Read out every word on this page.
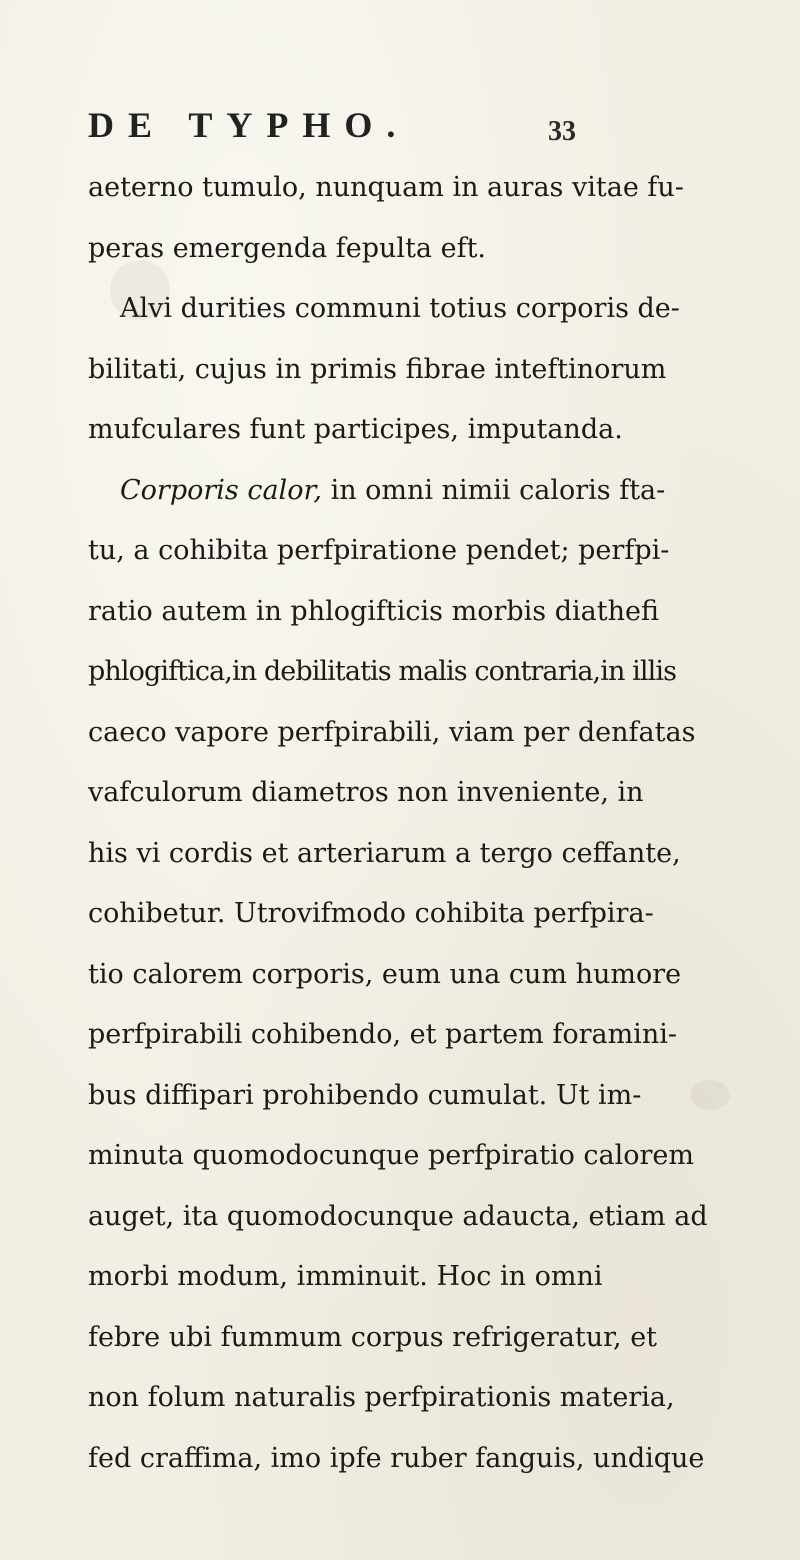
DE TYPHO.	33
aeterno tumulo, nunquam in auras vitae fu-
peras emergenda fepulta eft.
Alvi durities communi totius corporis de-
bilitati, cujus in primis fibrae inteftinorum
mufculares funt participes, imputanda.
Corporis calor, in omni nimii caloris fta-
tu, a cohibita perfpiratione pendet; perfpi-
ratio autem in phlogifticis morbis diathefi
phlogiftica,in debilitatis malis contraria,in illis
caeco vapore perfpirabili, viam per denfatas
vafculorum diametros non inveniente, in
his vi cordis et arteriarum a tergo ceffante,
cohibetur. Utrovifmodo cohibita perfpira-
tio calorem corporis, eum una cum humore
perfpirabili cohibendo, et partem foramini-
bus diffipari prohibendo cumulat. Ut im-
minuta quomodocunque perfpiratio calorem
auget, ita quomodocunque adaucta, etiam ad
morbi modum, imminuit. Hoc in omni
febre ubi fummum corpus refrigeratur, et
non folum naturalis perfpirationis materia,
fed craffima, imo ipfe ruber fanguis, undique
